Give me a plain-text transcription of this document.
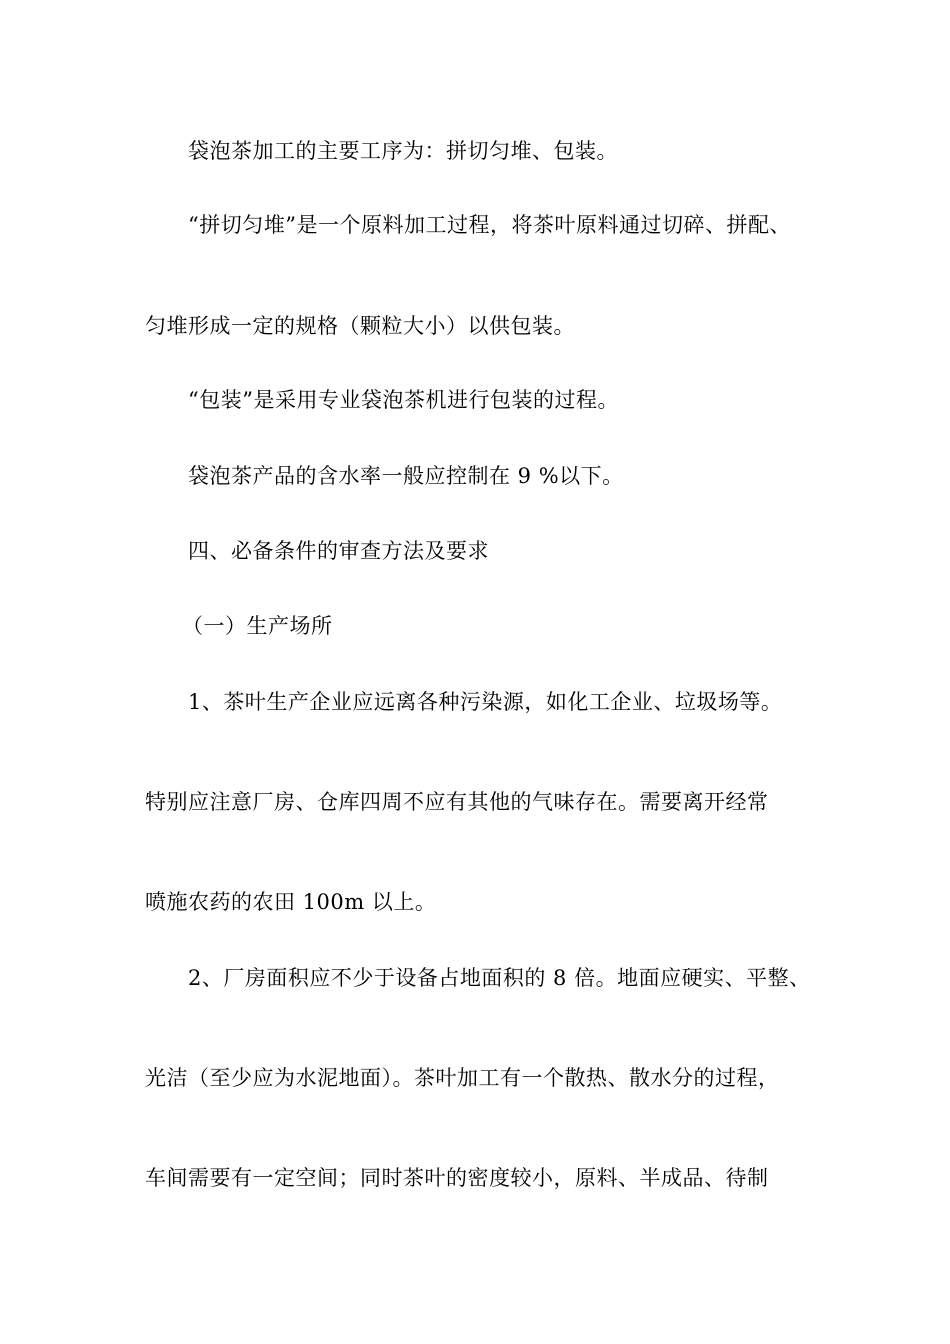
袋泡茶加工的主要工序为：拼切匀堆、包装。
“拼切匀堆”是一个原料加工过程，将茶叶原料通过切碎、拼配、
匀堆形成一定的规格（颗粒大小）以供包装。
“包装”是采用专业袋泡茶机进行包装的过程。
袋泡茶产品的含水率一般应控制在 9 %以下。
四、必备条件的审查方法及要求
（一）生产场所
1、茶叶生产企业应远离各种污染源，如化工企业、垃圾场等。
特别应注意厂房、仓库四周不应有其他的气味存在。需要离开经常
喷施农药的农田 100m 以上。
2、厂房面积应不少于设备占地面积的 8 倍。地面应硬实、平整、
光洁（至少应为水泥地面）。茶叶加工有一个散热、散水分的过程，
车间需要有一定空间；同时茶叶的密度较小，原料、半成品、待制
